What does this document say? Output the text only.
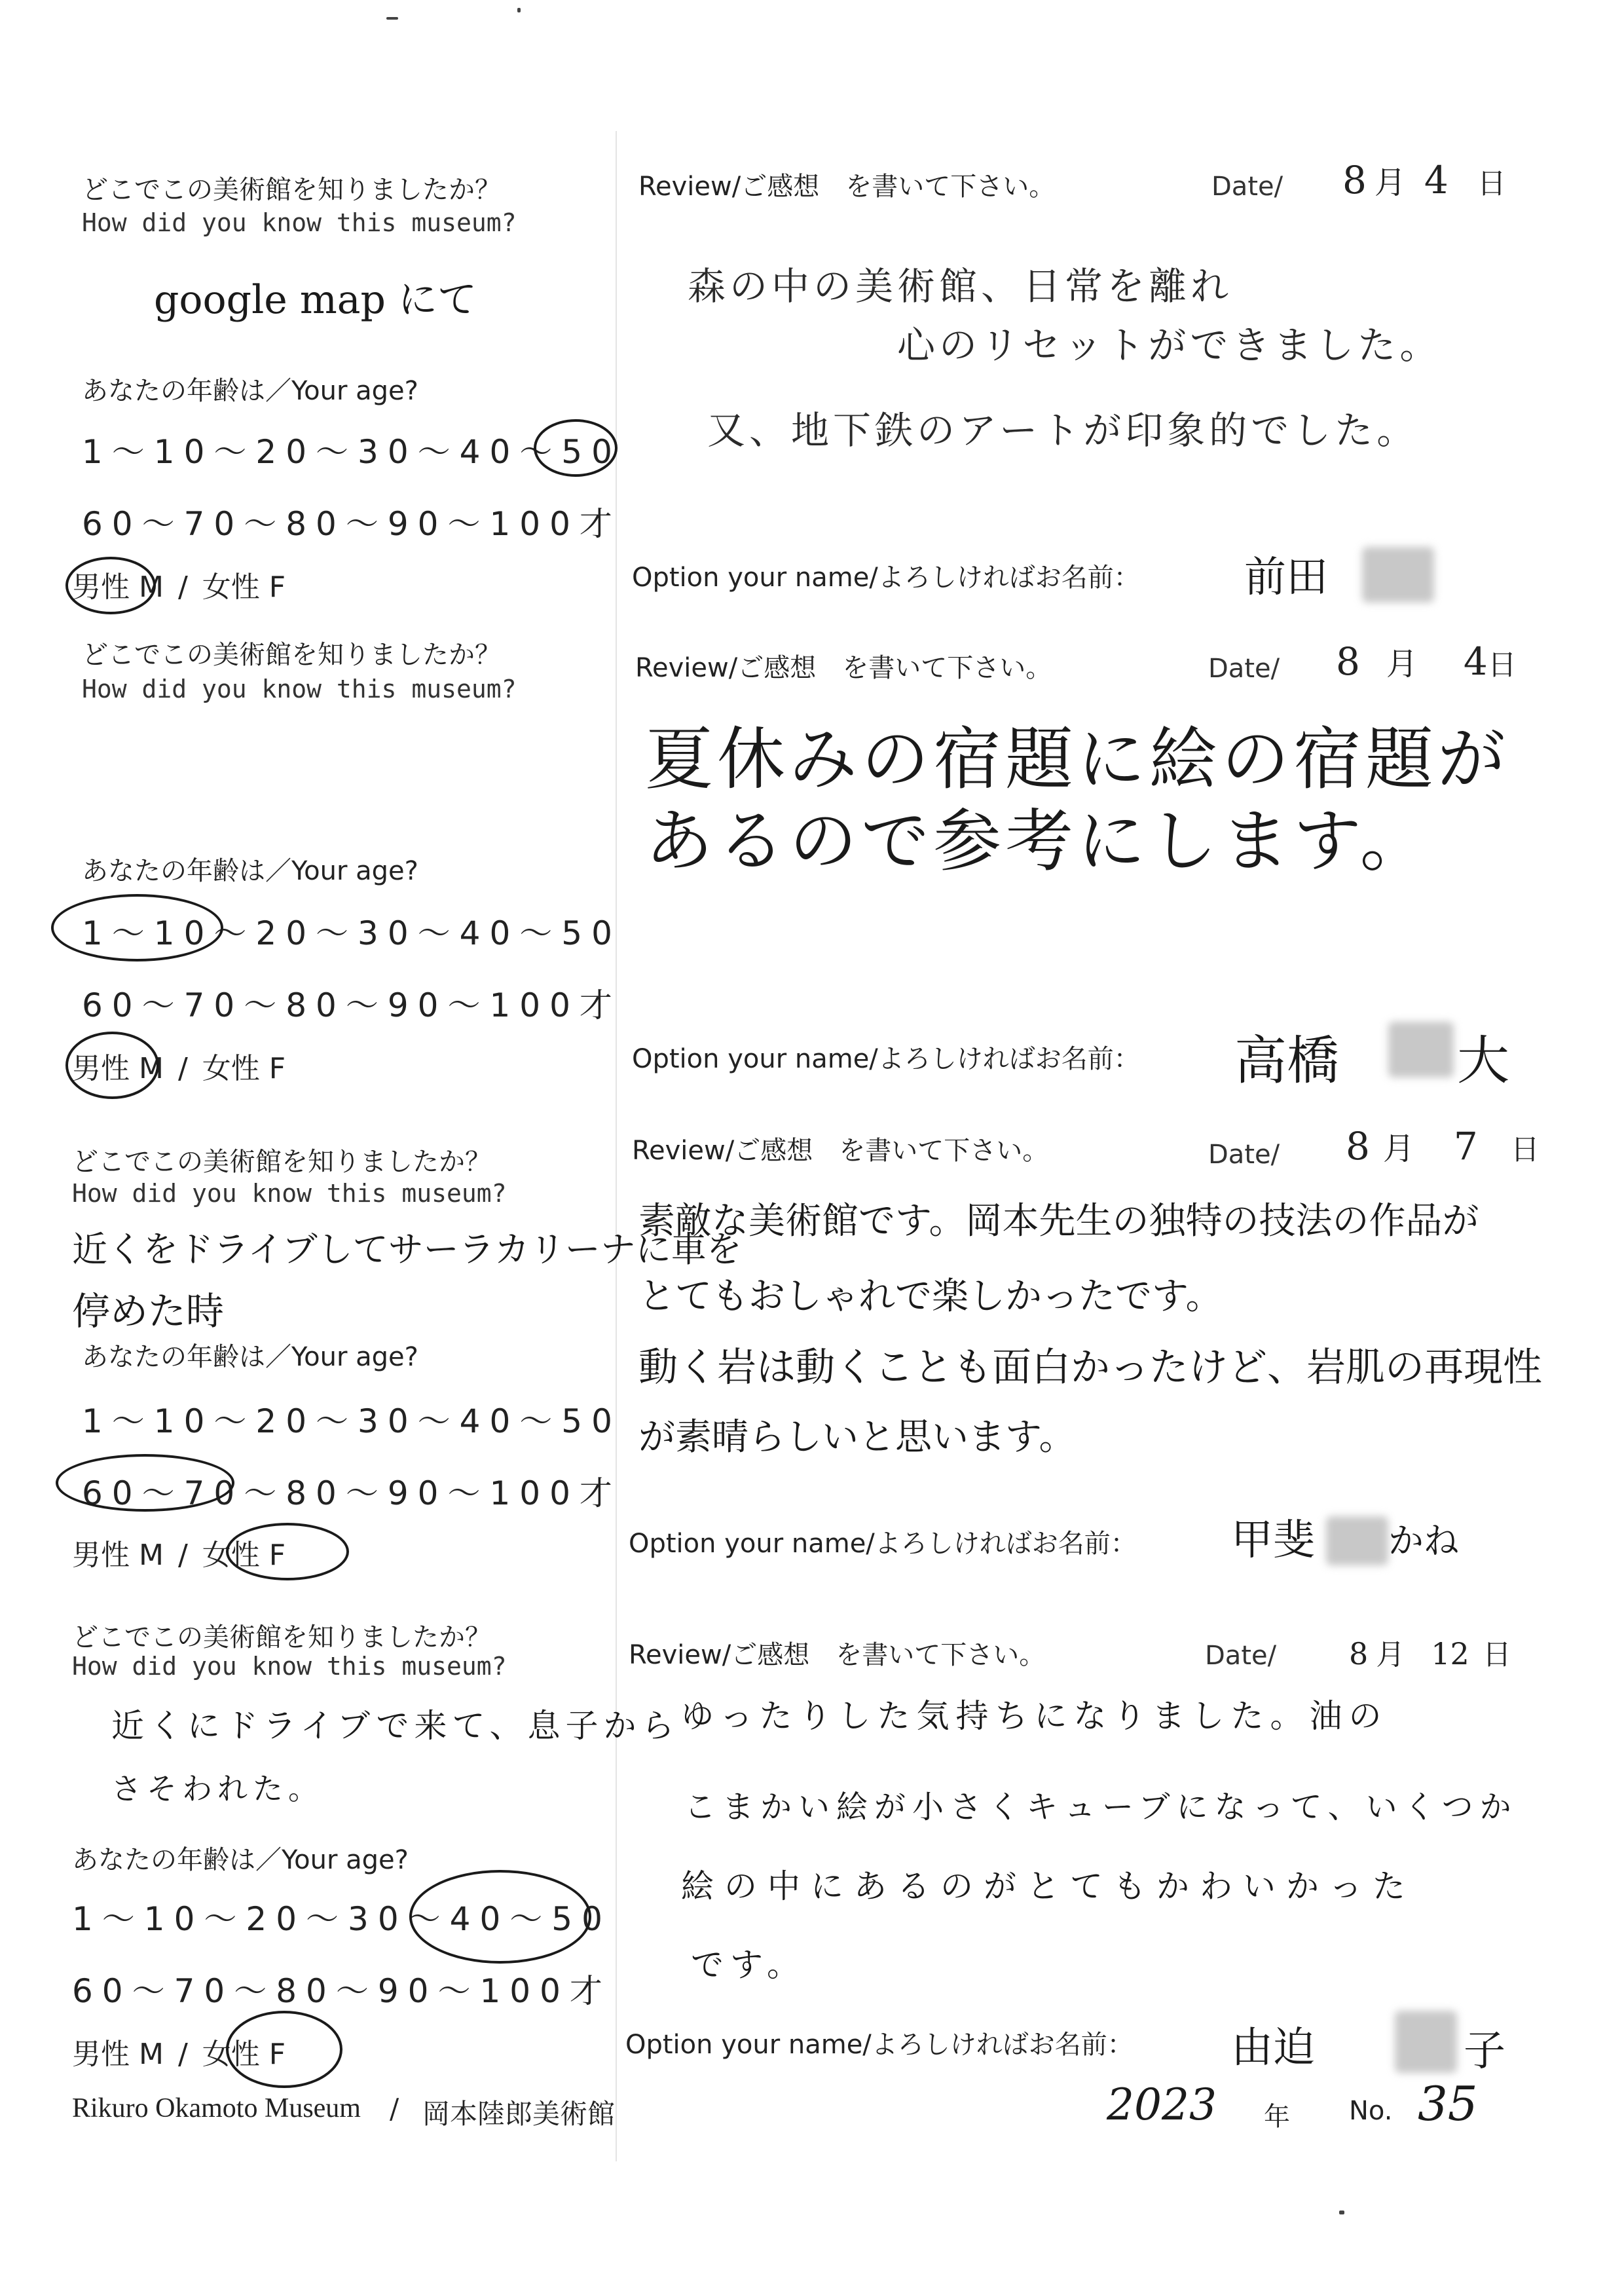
どこでこの美術館を知りましたか？
How did you know this museum?
google map にて
あなたの年齢は／Your age?
1～10～20～30～40～50
60～70～80～90～100才
男性 M / 女性 F
Review/ご感想　を書いて下さい。	Date/ 8 月 4 日
森の中の美術館、日常を離れ
心のリセットができました。
又、地下鉄のアートが印象的でした。
Option your name/よろしければお名前： 前田
どこでこの美術館を知りましたか？
How did you know this museum?
あなたの年齢は／Your age?
1～10～20～30～40～50
60～70～80～90～100才
男性 M / 女性 F
Review/ご感想　を書いて下さい。	Date/ 8 月 4日
夏休みの宿題に絵の宿題が
あるので参考にします。
Option your name/よろしければお名前： 高橋 大
どこでこの美術館を知りましたか？
How did you know this museum?
近くをドライブしてサーラカリーナに車を
停めた時
あなたの年齢は／Your age?
1～10～20～30～40～50
60～70～80～90～100才
男性 M / 女性 F
Review/ご感想　を書いて下さい。	Date/ 8 月 7 日
素敵な美術館です。岡本先生の独特の技法の作品が
とてもおしゃれで楽しかったです。
動く岩は動くことも面白かったけど、岩肌の再現性
が素晴らしいと思います。
Option your name/よろしければお名前： 甲斐 かね
どこでこの美術館を知りましたか？
How did you know this museum?
近くにドライブで来て、息子から
さそわれた。
あなたの年齢は／Your age?
1～10～20～30～40～50
60～70～80～90～100才
男性 M / 女性 F
Review/ご感想　を書いて下さい。	Date/ 8 月 12 日
ゆったりした気持ちになりました。油の
こまかい絵が小さくキューブになって、いくつか
絵の中にあるのがとてもかわいかった
です。
Option your name/よろしければお名前： 由迫	子
Rikuro Okamoto Museum / 岡本陸郎美術館	2023 年 No. 35
